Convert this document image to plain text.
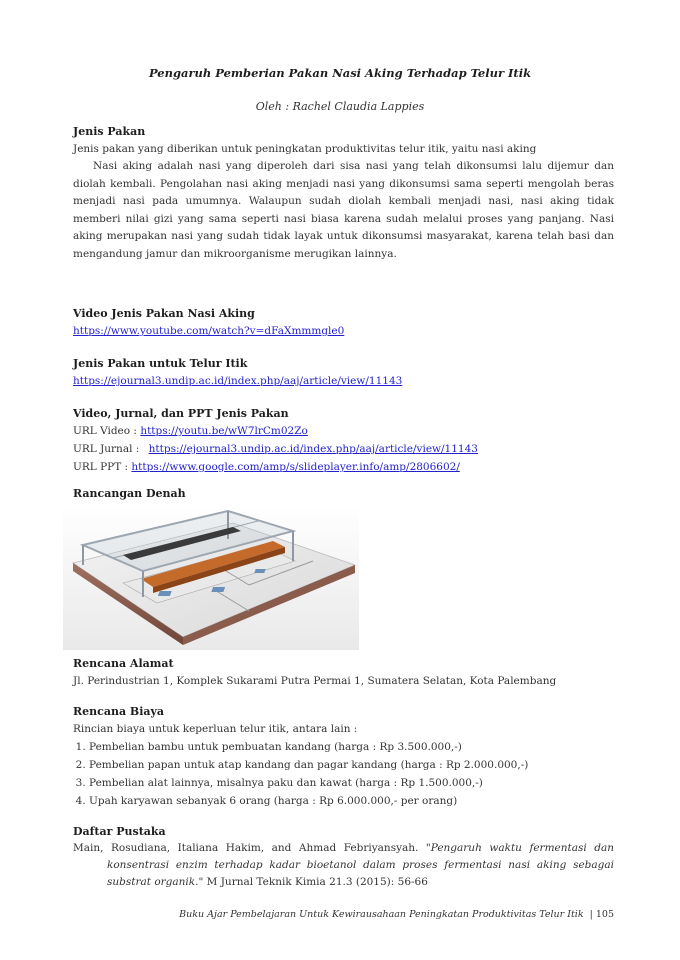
Pengaruh Pemberian Pakan Nasi Aking Terhadap Telur Itik
Oleh : Rachel Claudia Lappies
Jenis Pakan

Jenis pakan yang diberikan untuk peningkatan produktivitas telur itik, yaitu nasi aking

Nasi aking adalah nasi yang diperoleh dari sisa nasi yang telah dikonsumsi lalu dijemur dan diolah kembali. Pengolahan nasi aking menjadi nasi yang dikonsumsi sama seperti mengolah beras menjadi nasi pada umumnya. Walaupun sudah diolah kembali menjadi nasi, nasi aking tidak memberi nilai gizi yang sama seperti nasi biasa karena sudah melalui proses yang panjang. Nasi aking merupakan nasi yang sudah tidak layak untuk dikonsumsi masyarakat, karena telah basi dan mengandung jamur dan mikroorganisme merugikan lainnya.

Video Jenis Pakan Nasi Aking

https://www.youtube.com/watch?v=dFaXmmmgle0

Jenis Pakan untuk Telur Itik

https://ejournal3.undip.ac.id/index.php/aaj/article/view/11143

Video, Jurnal, dan PPT Jenis Pakan

URL Video : https://youtu.be/wW7lrCm02Zo

URL Jurnal : https://ejournal3.undip.ac.id/index.php/aaj/article/view/11143

URL PPT : https://www.google.com/amp/s/slideplayer.info/amp/2806602/

Rancangan Denah
Rencana Alamat

Jl. Perindustrian 1, Komplek Sukarami Putra Permai 1, Sumatera Selatan, Kota Palembang

Rencana Biaya

Rincian biaya untuk keperluan telur itik, antara lain :

1. Pembelian bambu untuk pembuatan kandang (harga : Rp 3.500.000,-)
2. Pembelian papan untuk atap kandang dan pagar kandang (harga : Rp 2.000.000,-)
3. Pembelian alat lainnya, misalnya paku dan kawat (harga : Rp 1.500.000,-)
4. Upah karyawan sebanyak 6 orang (harga : Rp 6.000.000,- per orang)
Daftar Pustaka

Main, Rosudiana, Italiana Hakim, and Ahmad Febriyansyah. "Pengaruh waktu fermentasi dan konsentrasi enzim terhadap kadar bioetanol dalam proses fermentasi nasi aking sebagai substrat organik." M Jurnal Teknik Kimia 21.3 (2015): 56-66

Buku Ajar Pembelajaran Untuk Kewirausahaan Peningkatan Produktivitas Telur Itik | 105
